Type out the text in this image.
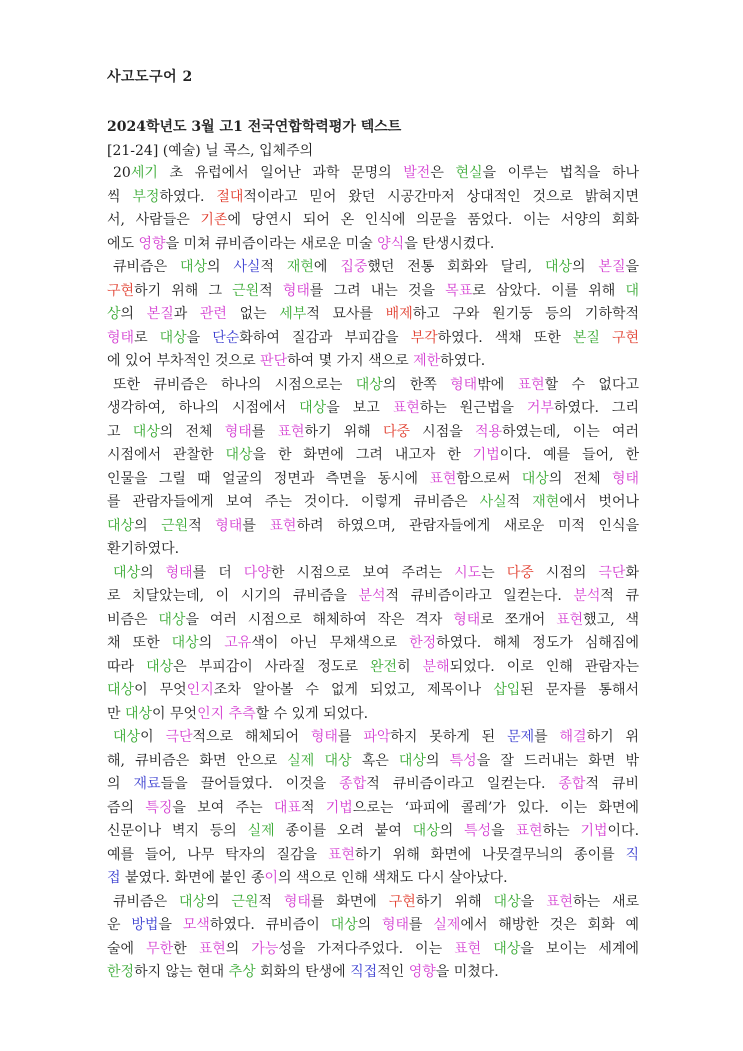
사고도구어 2
2024학년도 3월 고1 전국연합학력평가 텍스트
[21-24] (예술) 닐 콕스, 입체주의
20세기 초 유럽에서 일어난 과학 문명의 발전은 현실을 이루는 법칙을 하나
씩 부정하였다. 절대적이라고 믿어 왔던 시공간마저 상대적인 것으로 밝혀지면
서, 사람들은 기존에 당연시 되어 온 인식에 의문을 품었다. 이는 서양의 회화
에도 영향을 미쳐 큐비즘이라는 새로운 미술 양식을 탄생시켰다.
큐비즘은 대상의 사실적 재현에 집중했던 전통 회화와 달리, 대상의 본질을
구현하기 위해 그 근원적 형태를 그려 내는 것을 목표로 삼았다. 이를 위해 대
상의 본질과 관련 없는 세부적 묘사를 배제하고 구와 원기둥 등의 기하학적
형태로 대상을 단순화하여 질감과 부피감을 부각하였다. 색채 또한 본질 구현
에 있어 부차적인 것으로 판단하여 몇 가지 색으로 제한하였다.
또한 큐비즘은 하나의 시점으로는 대상의 한쪽 형태밖에 표현할 수 없다고
생각하여, 하나의 시점에서 대상을 보고 표현하는 원근법을 거부하였다. 그리
고 대상의 전체 형태를 표현하기 위해 다중 시점을 적용하였는데, 이는 여러
시점에서 관찰한 대상을 한 화면에 그려 내고자 한 기법이다. 예를 들어, 한
인물을 그릴 때 얼굴의 정면과 측면을 동시에 표현함으로써 대상의 전체 형태
를 관람자들에게 보여 주는 것이다. 이렇게 큐비즘은 사실적 재현에서 벗어나
대상의 근원적 형태를 표현하려 하였으며, 관람자들에게 새로운 미적 인식을
환기하였다.
대상의 형태를 더 다양한 시점으로 보여 주려는 시도는 다중 시점의 극단화
로 치달았는데, 이 시기의 큐비즘을 분석적 큐비즘이라고 일컫는다. 분석적 큐
비즘은 대상을 여러 시점으로 해체하여 작은 격자 형태로 쪼개어 표현했고, 색
채 또한 대상의 고유색이 아닌 무채색으로 한정하였다. 해체 정도가 심해짐에
따라 대상은 부피감이 사라질 정도로 완전히 분해되었다. 이로 인해 관람자는
대상이 무엇인지조차 알아볼 수 없게 되었고, 제목이나 삽입된 문자를 통해서
만 대상이 무엇인지 추측할 수 있게 되었다.
대상이 극단적으로 해체되어 형태를 파악하지 못하게 된 문제를 해결하기 위
해, 큐비즘은 화면 안으로 실제 대상 혹은 대상의 특성을 잘 드러내는 화면 밖
의 재료들을 끌어들였다. 이것을 종합적 큐비즘이라고 일컫는다. 종합적 큐비
즘의 특징을 보여 주는 대표적 기법으로는 ‘파피에 콜레’가 있다. 이는 화면에
신문이나 벽지 등의 실제 종이를 오려 붙여 대상의 특성을 표현하는 기법이다.
예를 들어, 나무 탁자의 질감을 표현하기 위해 화면에 나뭇결무늬의 종이를 직
접 붙였다. 화면에 붙인 종이의 색으로 인해 색채도 다시 살아났다.
큐비즘은 대상의 근원적 형태를 화면에 구현하기 위해 대상을 표현하는 새로
운 방법을 모색하였다. 큐비즘이 대상의 형태를 실제에서 해방한 것은 회화 예
술에 무한한 표현의 가능성을 가져다주었다. 이는 표현 대상을 보이는 세계에
한정하지 않는 현대 추상 회화의 탄생에 직접적인 영향을 미쳤다.
